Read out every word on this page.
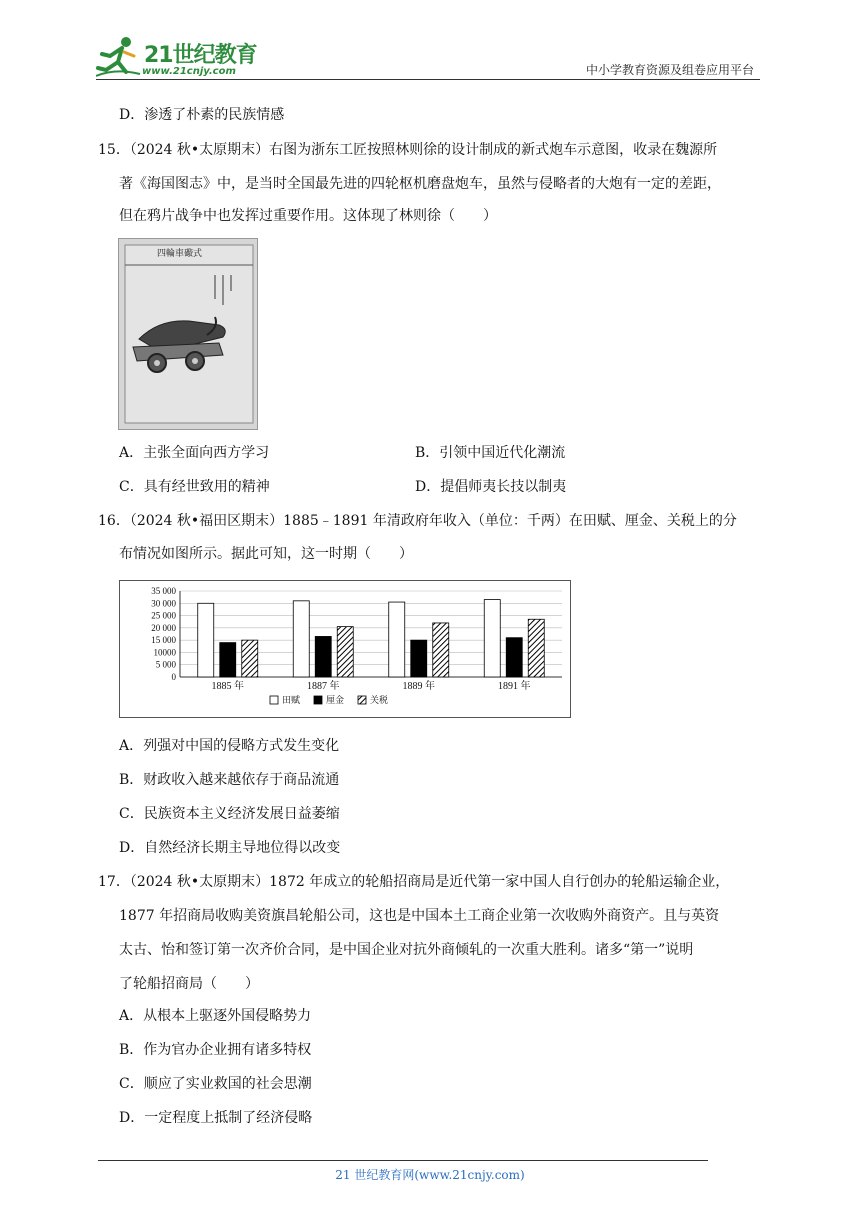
21世纪教育
www.21cnjy.com	中小学教育资源及组卷应用平台
D．渗透了朴素的民族情感
15．（2024 秋•太原期末）右图为浙东工匠按照林则徐的设计制成的新式炮车示意图，收录在魏源所
著《海国图志》中，是当时全国最先进的四轮枢机磨盘炮车，虽然与侵略者的大炮有一定的差距，
但在鸦片战争中也发挥过重要作用。这体现了林则徐（　　）
四輪車礮式
A．主张全面向西方学习	B．引领中国近代化潮流
C．具有经世致用的精神	D．提倡师夷长技以制夷
16．（2024 秋•福田区期末）1885﹣1891 年清政府年收入（单位：千两）在田赋、厘金、关税上的分
布情况如图所示。据此可知，这一时期（　　）
35 000
30 000
25 000
20 000
15 000
10000
5 000
0
1885 年	1887 年	1889 年	1891 年
田赋	厘金	关税
A．列强对中国的侵略方式发生变化
B．财政收入越来越依存于商品流通
C．民族资本主义经济发展日益萎缩
D．自然经济长期主导地位得以改变
17．（2024 秋•太原期末）1872 年成立的轮船招商局是近代第一家中国人自行创办的轮船运输企业，
1877 年招商局收购美资旗昌轮船公司，这也是中国本土工商企业第一次收购外商资产。且与英资
太古、怡和签订第一次齐价合同，是中国企业对抗外商倾轧的一次重大胜利。诸多“第一”说明
了轮船招商局（　　）
A．从根本上驱逐外国侵略势力
B．作为官办企业拥有诸多特权
C．顺应了实业救国的社会思潮
D．一定程度上抵制了经济侵略
21 世纪教育网(www.21cnjy.com)
